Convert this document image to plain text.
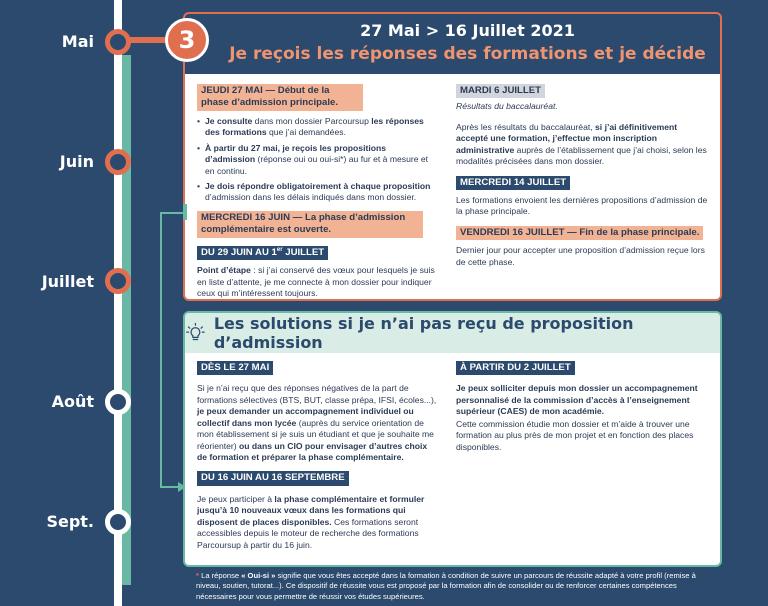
Mai
Juin
Juillet
Août
Sept.
27 Mai > 16 Juillet 2021
Je reçois les réponses des formations et je décide
JEUDI 27 MAI — Début de la phase d’admission principale.
• Je consulte dans mon dossier Parcoursup les réponses des formations que j’ai demandées.
• À partir du 27 mai, je reçois les propositions d’admission (réponse oui ou oui-si*) au fur et à mesure et en continu.
• Je dois répondre obligatoirement à chaque proposition d’admission dans les délais indiqués dans mon dossier.
MERCREDI 16 JUIN — La phase d’admission complémentaire est ouverte.
DU 29 JUIN AU 1er JUILLET
Point d’étape : si j’ai conservé des vœux pour lesquels je suis en liste d’attente, je me connecte à mon dossier pour indiquer ceux qui m’intéressent toujours.
MARDI 6 JUILLET
Résultats du baccalauréat.
Après les résultats du baccalauréat, si j’ai définitivement accepté une formation, j’effectue mon inscription administrative auprès de l’établissement que j’ai choisi, selon les modalités précisées dans mon dossier.
MERCREDI 14 JUILLET
Les formations envoient les dernières propositions d’admission de la phase principale.
VENDREDI 16 JUILLET — Fin de la phase principale.
Dernier jour pour accepter une proposition d’admission reçue lors de cette phase.
3
Les solutions si je n’ai pas reçu de proposition d’admission
DÈS LE 27 MAI
Si je n’ai reçu que des réponses négatives de la part de formations sélectives (BTS, BUT, classe prépa, IFSI, écoles...), je peux demander un accompagnement individuel ou collectif dans mon lycée (auprès du service orientation de mon établissement si je suis un étudiant et que je souhaite me réorienter) ou dans un CIO pour envisager d’autres choix de formation et préparer la phase complémentaire.
DU 16 JUIN AU 16 SEPTEMBRE
Je peux participer à la phase complémentaire et formuler jusqu’à 10 nouveaux vœux dans les formations qui disposent de places disponibles. Ces formations seront accessibles depuis le moteur de recherche des formations Parcoursup à partir du 16 juin.
À PARTIR DU 2 JUILLET
Je peux solliciter depuis mon dossier un accompagnement personnalisé de la commission d’accès à l’enseignement supérieur (CAES) de mon académie.
Cette commission étudie mon dossier et m’aide à trouver une formation au plus près de mon projet et en fonction des places disponibles.
* La réponse « Oui-si » signifie que vous êtes accepté dans la formation à condition de suivre un parcours de réussite adapté à votre profil (remise à niveau, soutien, tutorat...). Ce dispositif de réussite vous est proposé par la formation afin de consolider ou de renforcer certaines compétences nécessaires pour vous permettre de réussir vos études supérieures.
